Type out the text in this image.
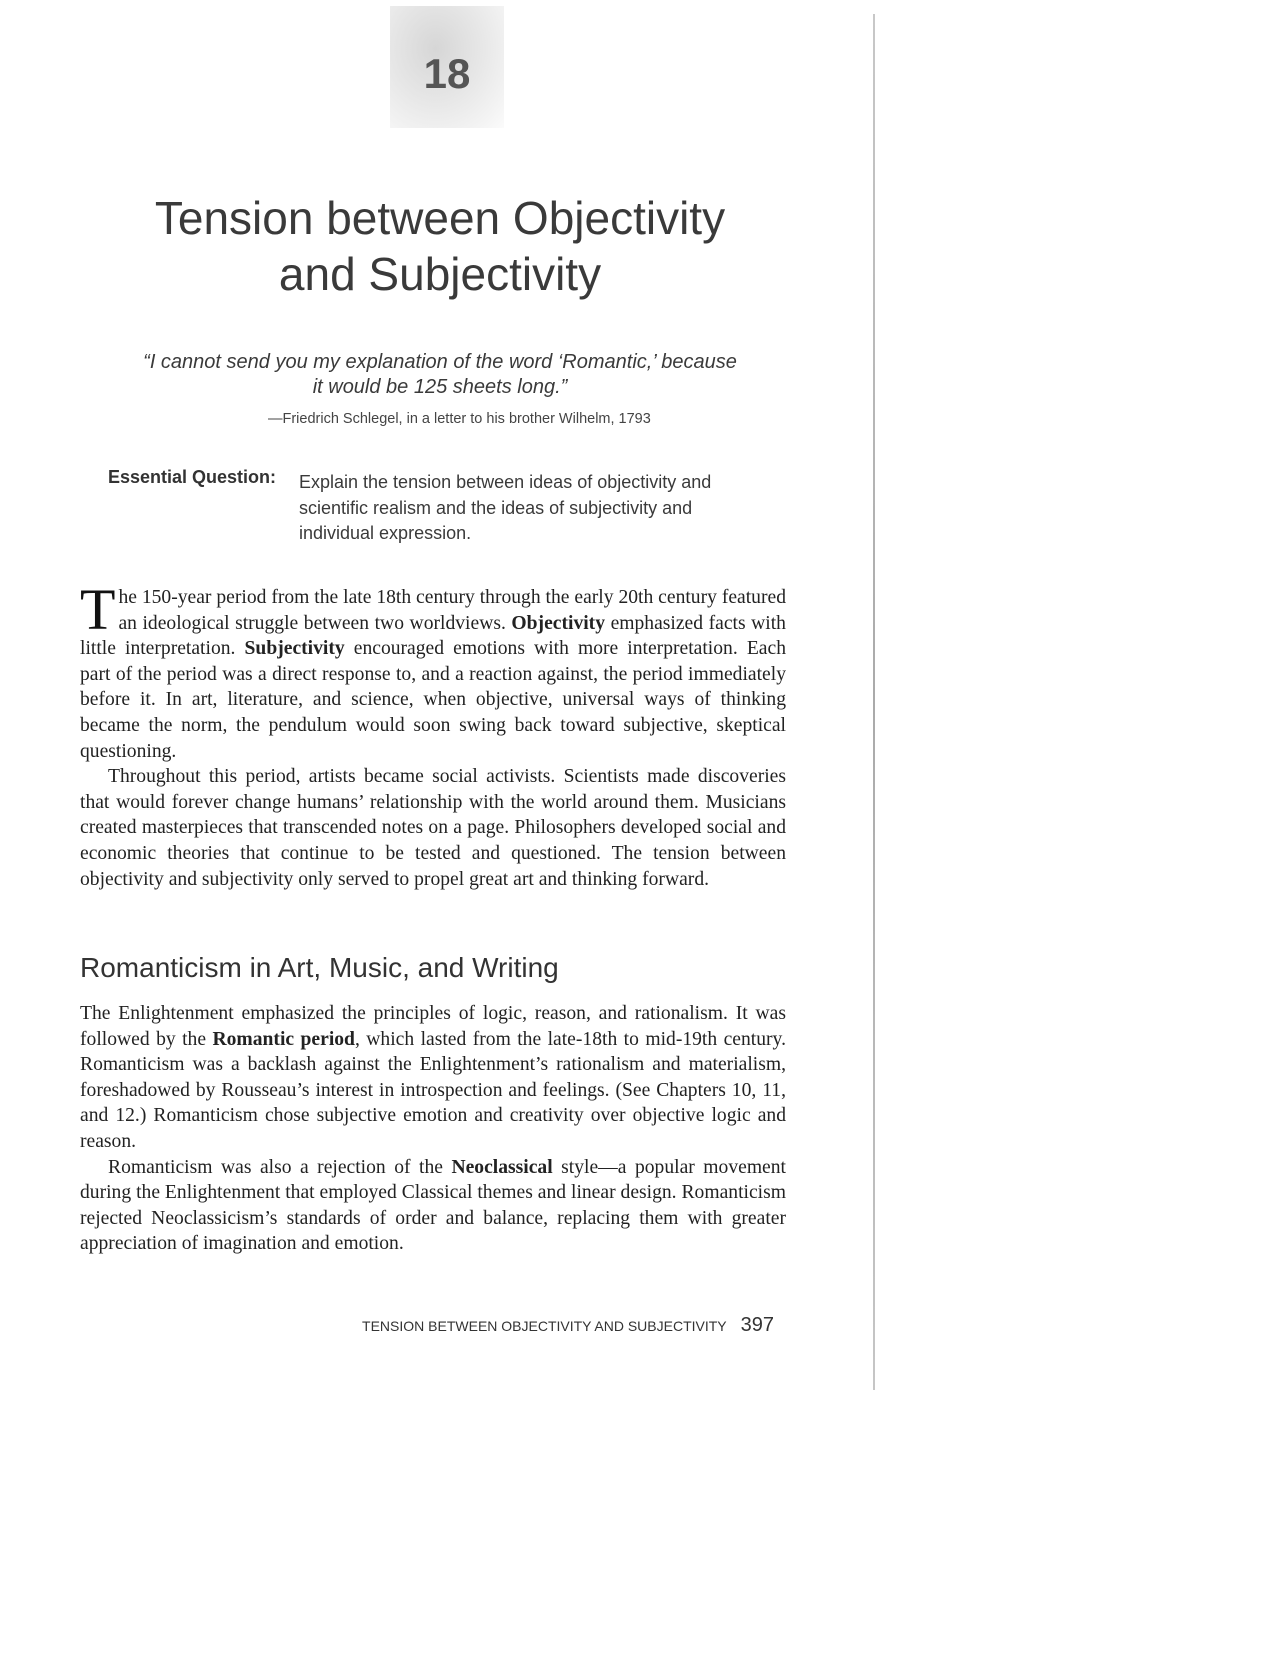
18
Tension between Objectivity
and Subjectivity
“I cannot send you my explanation of the word ‘Romantic,’ because
it would be 125 sheets long.”
—Friedrich Schlegel, in a letter to his brother Wilhelm, 1793
Essential Question: Explain the tension between ideas of objectivity and scientific realism and the ideas of subjectivity and individual expression.

The 150-year period from the late 18th century through the early 20th century featured an ideological struggle between two worldviews. Objectivity emphasized facts with little interpretation. Subjectivity encouraged emotions with more interpretation. Each part of the period was a direct response to, and a reaction against, the period immediately before it. In art, literature, and science, when objective, universal ways of thinking became the norm, the pendulum would soon swing back toward subjective, skeptical questioning.

Throughout this period, artists became social activists. Scientists made discoveries that would forever change humans’ relationship with the world around them. Musicians created masterpieces that transcended notes on a page. Philosophers developed social and economic theories that continue to be tested and questioned. The tension between objectivity and subjectivity only served to propel great art and thinking forward.

Romanticism in Art, Music, and Writing

The Enlightenment emphasized the principles of logic, reason, and rationalism. It was followed by the Romantic period, which lasted from the late-18th to mid-19th century. Romanticism was a backlash against the Enlightenment’s rationalism and materialism, foreshadowed by Rousseau’s interest in introspection and feelings. (See Chapters 10, 11, and 12.) Romanticism chose subjective emotion and creativity over objective logic and reason.

Romanticism was also a rejection of the Neoclassical style—a popular movement during the Enlightenment that employed Classical themes and linear design. Romanticism rejected Neoclassicism’s standards of order and balance, replacing them with greater appreciation of imagination and emotion.

TENSION BETWEEN OBJECTIVITY AND SUBJECTIVITY 397
